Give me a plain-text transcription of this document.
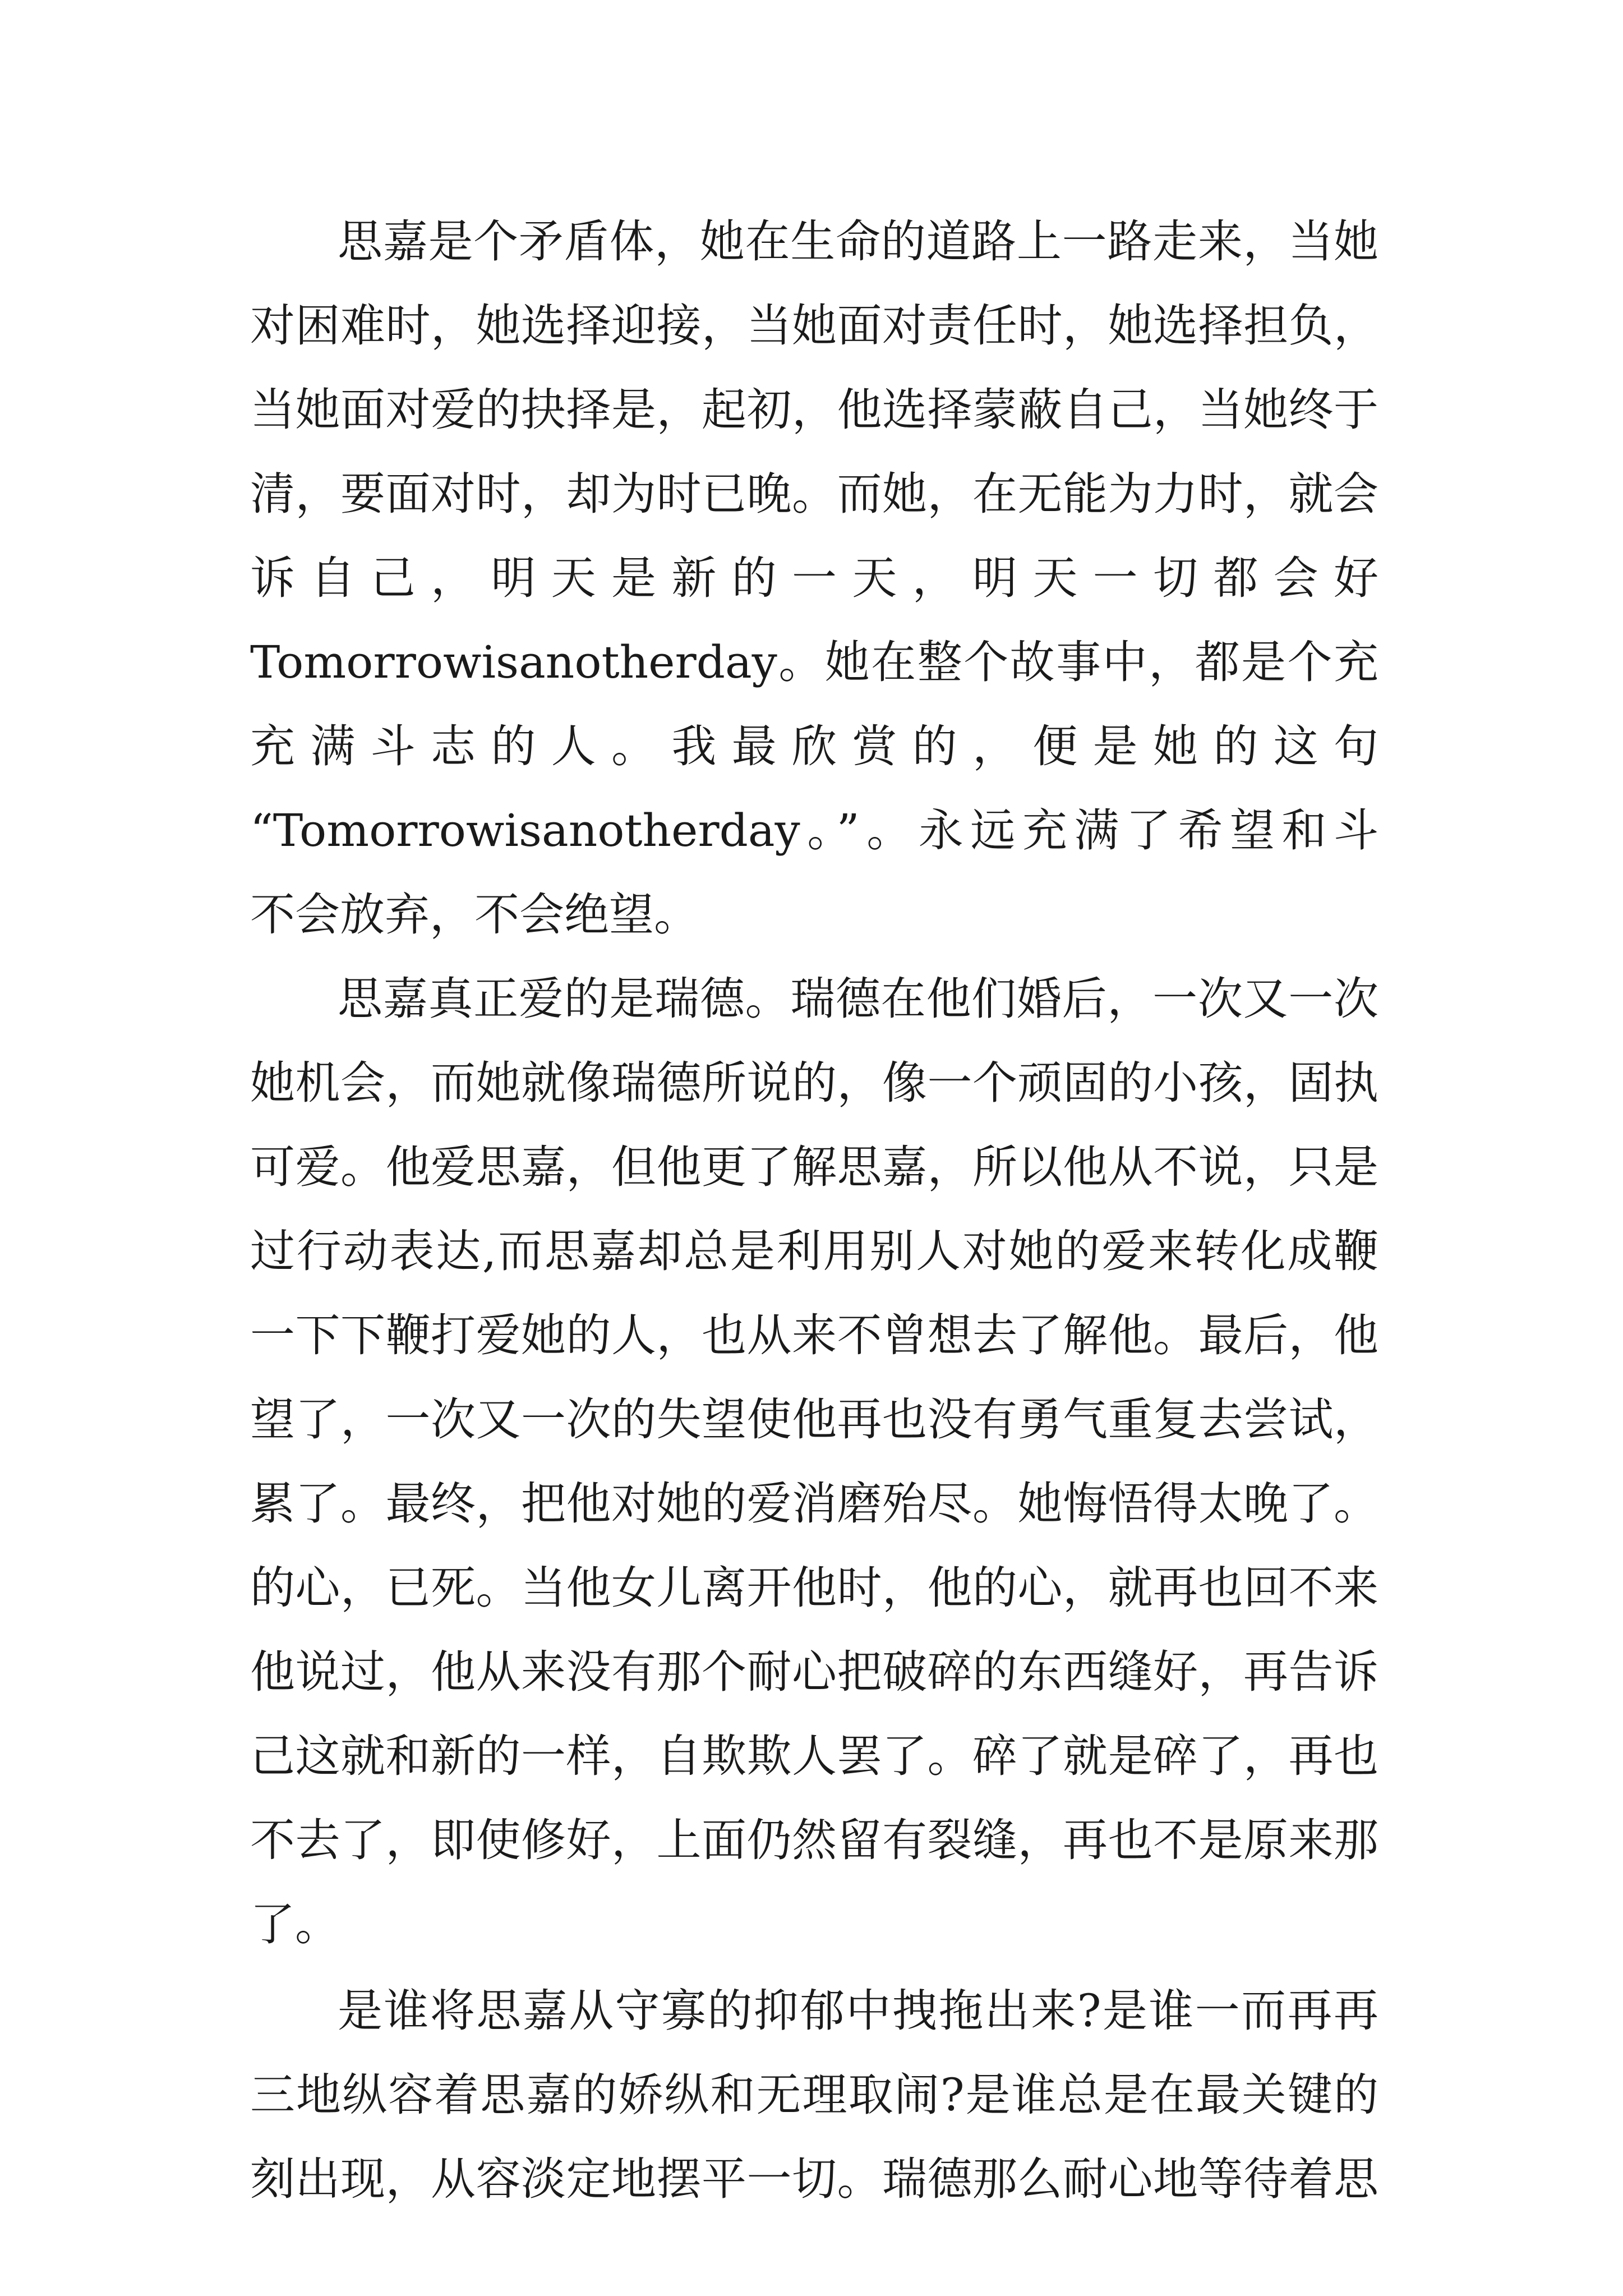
思嘉是个矛盾体，她在生命的道路上一路走来，当她

对困难时，她选择迎接，当她面对责任时，她选择担负，

当她面对爱的抉择是，起初，他选择蒙蔽自己，当她终于

清，要面对时，却为时已晚。而她，在无能为力时，就会

诉 自 己 ， 明 天 是 新 的 一 天 ， 明 天 一 切 都 会 好

Tomorrowisanotherday。她在整个故事中，都是个充

充 满 斗 志 的 人 。 我 最 欣 赏 的 ， 便 是 她 的 这 句

“Tomorrowisanotherday。”。永远充满了希望和斗

不会放弃，不会绝望。

思嘉真正爱的是瑞德。瑞德在他们婚后，一次又一次

她机会，而她就像瑞德所说的，像一个顽固的小孩，固执

可爱。他爱思嘉，但他更了解思嘉，所以他从不说，只是

过行动表达,而思嘉却总是利用别人对她的爱来转化成鞭

一下下鞭打爱她的人，也从来不曾想去了解他。最后，他

望了，一次又一次的失望使他再也没有勇气重复去尝试，

累了。最终，把他对她的爱消磨殆尽。她悔悟得太晚了。

的心，已死。当他女儿离开他时，他的心，就再也回不来

他说过，他从来没有那个耐心把破碎的东西缝好，再告诉

己这就和新的一样，自欺欺人罢了。碎了就是碎了，再也

不去了，即使修好，上面仍然留有裂缝，再也不是原来那

了。

是谁将思嘉从守寡的抑郁中拽拖出来?是谁一而再再

三地纵容着思嘉的娇纵和无理取闹?是谁总是在最关键的

刻出现，从容淡定地摆平一切。瑞德那么耐心地等待着思
